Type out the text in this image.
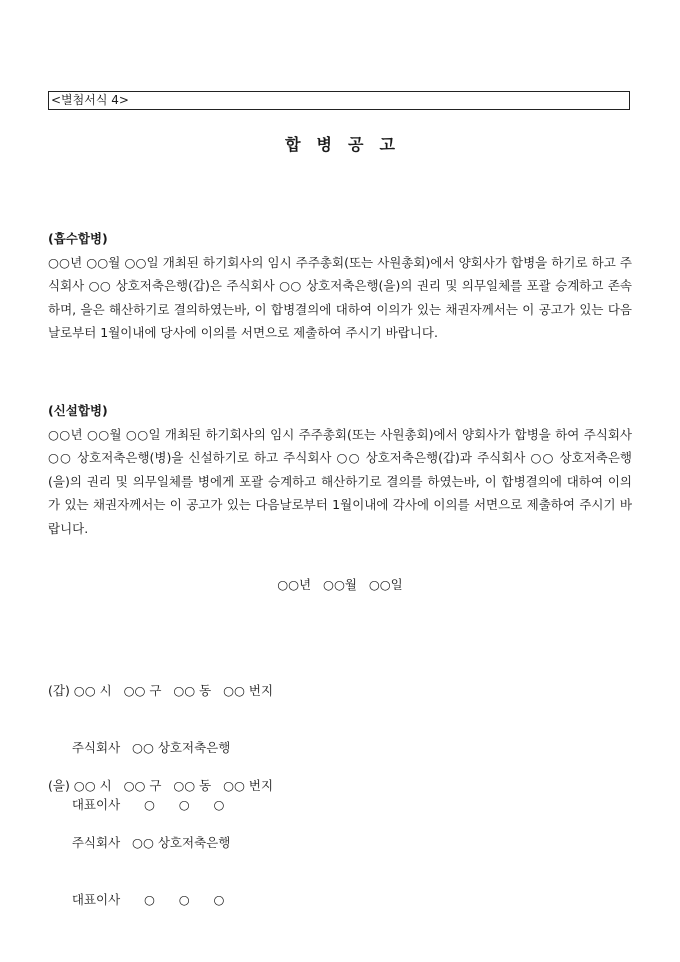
<별첨서식 4>
합병공고
(흡수합병)
○○년 ○○월 ○○일 개최된 하기회사의 임시 주주총회(또는 사원총회)에서 양회사가 합병을 하기로 하고 주식회사 ○○ 상호저축은행(갑)은 주식회사 ○○ 상호저축은행(을)의 권리 및 의무일체를 포괄 승계하고 존속하며, 을은 해산하기로 결의하였는바, 이 합병결의에 대하여 이의가 있는 채권자께서는 이 공고가 있는 다음날로부터 1월이내에 당사에 이의를 서면으로 제출하여 주시기 바랍니다.
(신설합병)
○○년 ○○월 ○○일 개최된 하기회사의 임시 주주총회(또는 사원총회)에서 양회사가 합병을 하여 주식회사 ○○ 상호저축은행(병)을 신설하기로 하고 주식회사 ○○ 상호저축은행(갑)과 주식회사 ○○ 상호저축은행(을)의 권리 및 의무일체를 병에게 포괄 승계하고 해산하기로 결의를 하였는바, 이 합병결의에 대하여 이의가 있는 채권자께서는 이 공고가 있는 다음날로부터 1월이내에 각사에 이의를 서면으로 제출하여 주시기 바랍니다.
○○년   ○○월   ○○일

(갑) ○○ 시   ○○ 구   ○○ 동   ○○ 번지

주식회사   ○○ 상호저축은행

대표이사      ○      ○      ○

(을) ○○ 시   ○○ 구   ○○ 동   ○○ 번지

주식회사   ○○ 상호저축은행

대표이사      ○      ○      ○
